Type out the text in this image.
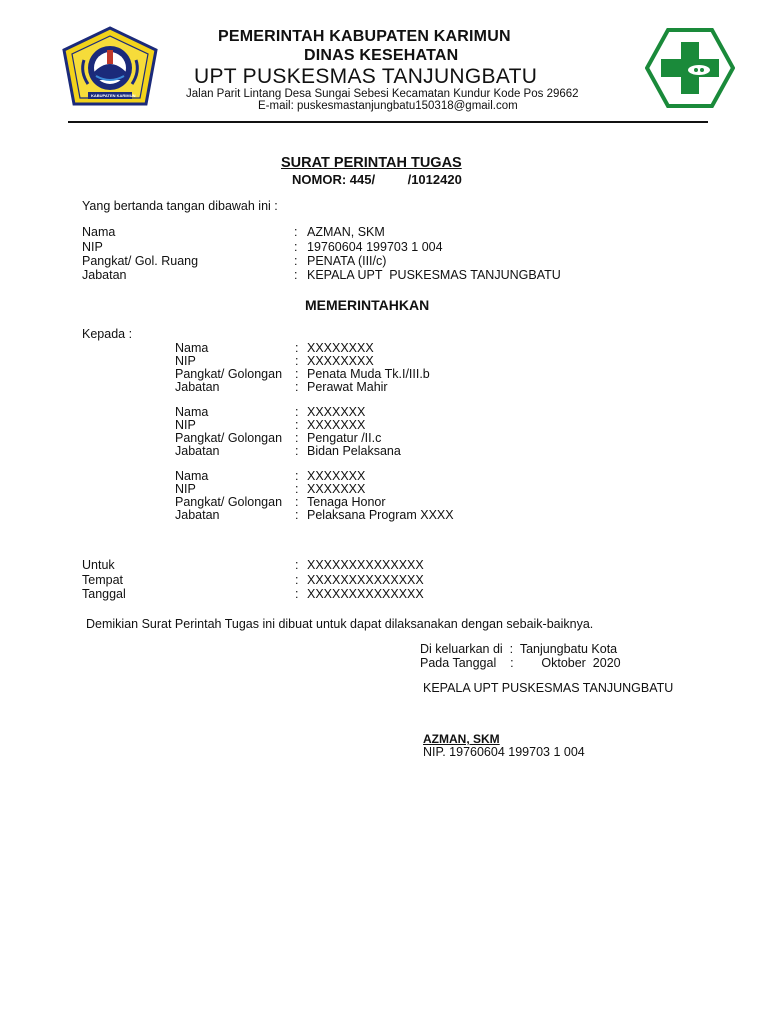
KABUPATEN KARIMUN
PEMERINTAH KABUPATEN KARIMUN
DINAS KESEHATAN
UPT PUSKESMAS TANJUNGBATU
Jalan Parit Lintang Desa Sungai Sebesi Kecamatan Kundur Kode Pos 29662
E-mail: puskesmastanjungbatu150318@gmail.com
SURAT PERINTAH TUGAS
NOMOR: 445/         /1012420
Yang bertanda tangan dibawah ini :
Nama	: AZMAN, SKM
NIP	: 19760604 199703 1 004
Pangkat/ Gol. Ruang	: PENATA (III/c)
Jabatan	: KEPALA UPT  PUSKESMAS TANJUNGBATU
MEMERINTAHKAN
Kepada :
Nama	: XXXXXXXX
NIP	: XXXXXXXX
Pangkat/ Golongan : Penata Muda Tk.I/III.b
Jabatan	: Perawat Mahir
Nama	: XXXXXXX
NIP	: XXXXXXX
Pangkat/ Golongan : Pengatur /II.c
Jabatan	: Bidan Pelaksana
Nama	: XXXXXXX
NIP	: XXXXXXX
Pangkat/ Golongan : Tenaga Honor
Jabatan	: Pelaksana Program XXXX
Untuk	: XXXXXXXXXXXXXX
Tempat	: XXXXXXXXXXXXXX
Tanggal	: XXXXXXXXXXXXXX
Demikian Surat Perintah Tugas ini dibuat untuk dapat dilaksanakan dengan sebaik-baiknya.
Di keluarkan di  :  Tanjungbatu Kota
Pada Tanggal    :        Oktober  2020
KEPALA UPT PUSKESMAS TANJUNGBATU
AZMAN, SKM
NIP. 19760604 199703 1 004
